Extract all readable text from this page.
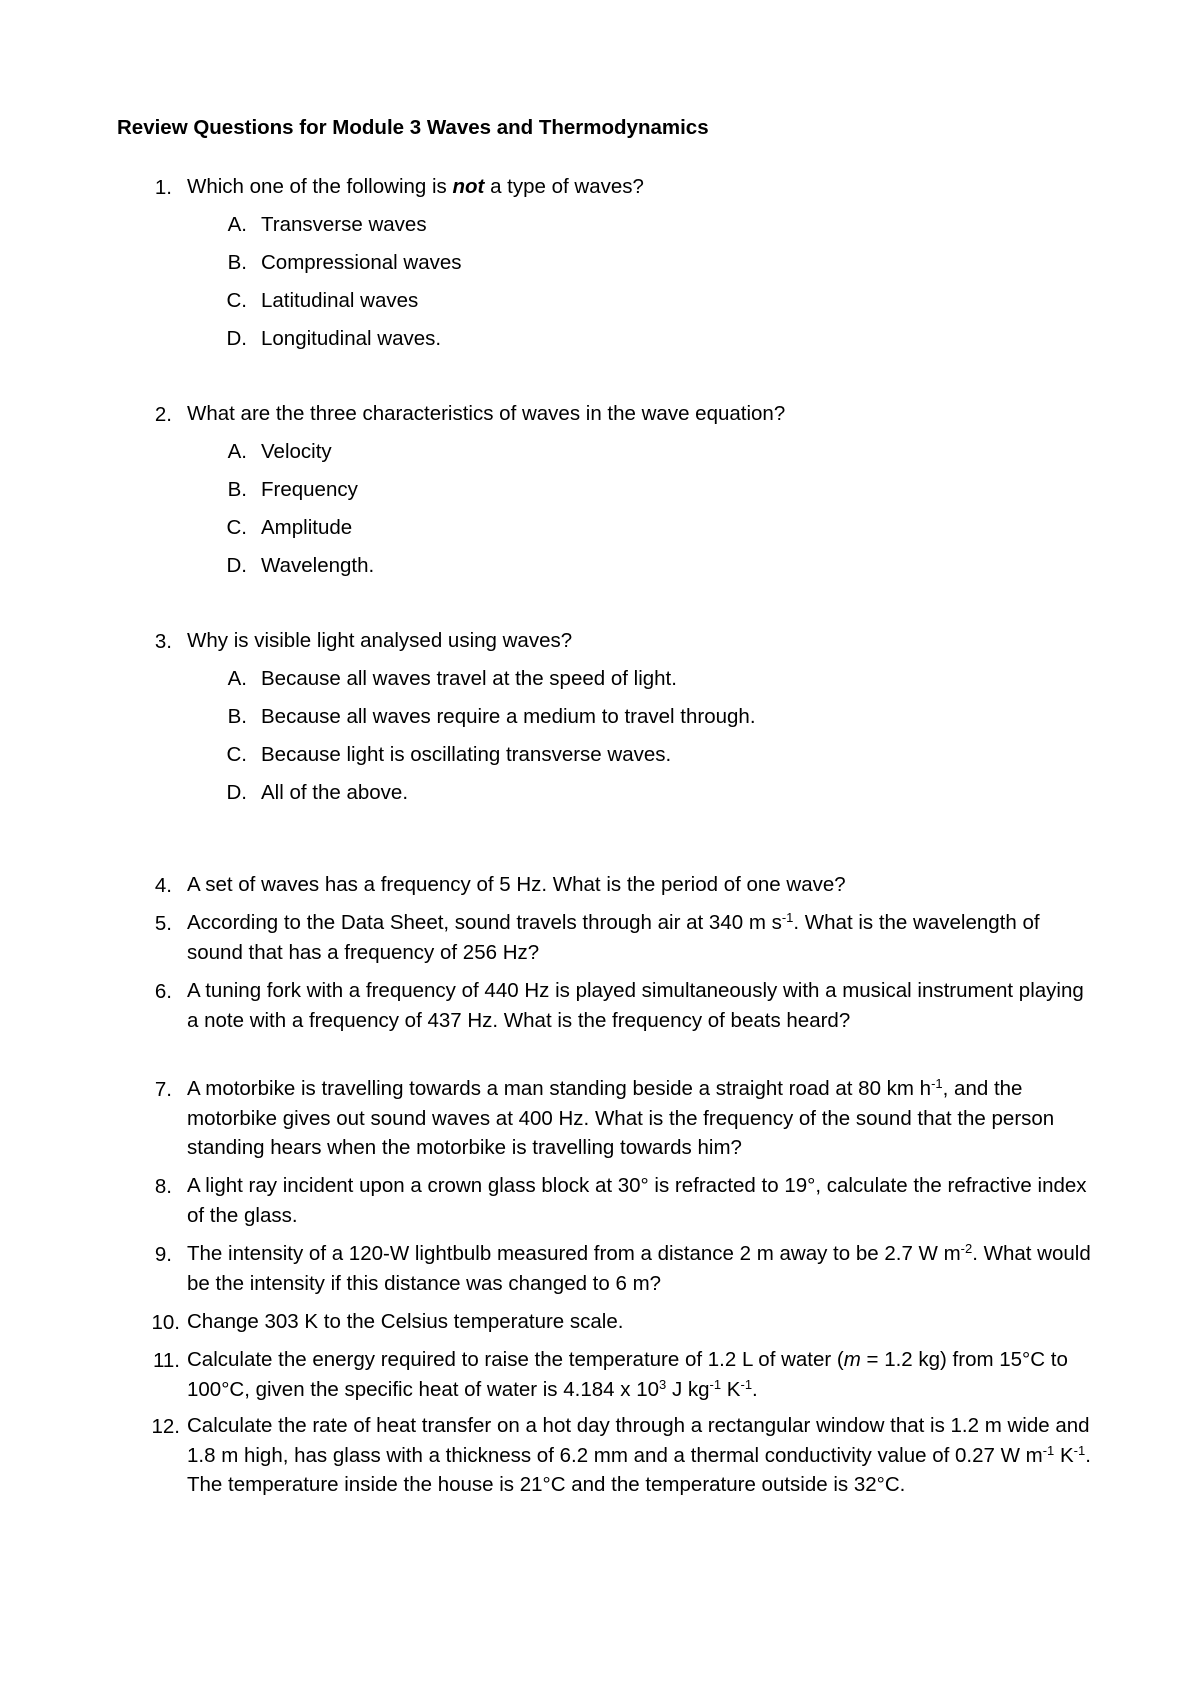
Review Questions for Module 3 Waves and Thermodynamics
1. Which one of the following is not a type of waves?
A. Transverse waves
B. Compressional waves
C. Latitudinal waves
D. Longitudinal waves.
2. What are the three characteristics of waves in the wave equation?
A. Velocity
B. Frequency
C. Amplitude
D. Wavelength.
3. Why is visible light analysed using waves?
A. Because all waves travel at the speed of light.
B. Because all waves require a medium to travel through.
C. Because light is oscillating transverse waves.
D. All of the above.
4. A set of waves has a frequency of 5 Hz. What is the period of one wave?
5. According to the Data Sheet, sound travels through air at 340 m $s^{-1}$. What is the wavelength of sound that has a frequency of 256 Hz?
6. A tuning fork with a frequency of 440 Hz is played simultaneously with a musical instrument playing a note with a frequency of 437 Hz. What is the frequency of beats heard?
7. A motorbike is travelling towards a man standing beside a straight road at 80 km $h^{-1}$, and the motorbike gives out sound waves at 400 Hz. What is the frequency of the sound that the person standing hears when the motorbike is travelling towards him?
8. A light ray incident upon a crown glass block at 30° is refracted to 19°, calculate the refractive index of the glass.
9. The intensity of a 120-W lightbulb measured from a distance 2 m away to be 2.7 W $m^{-2}$. What would be the intensity if this distance was changed to 6 m?
10. Change 303 K to the Celsius temperature scale.
11. Calculate the energy required to raise the temperature of 1.2 L of water (m = 1.2 kg) from 15°C to 100°C, given the specific heat of water is 4.184 x $10^3$ J $kg^{-1}$ $K^{-1}$.
12. Calculate the rate of heat transfer on a hot day through a rectangular window that is 1.2 m wide and 1.8 m high, has glass with a thickness of 6.2 mm and a thermal conductivity value of 0.27 W $m^{-1}$ $K^{-1}$. The temperature inside the house is 21°C and the temperature outside is 32°C.
